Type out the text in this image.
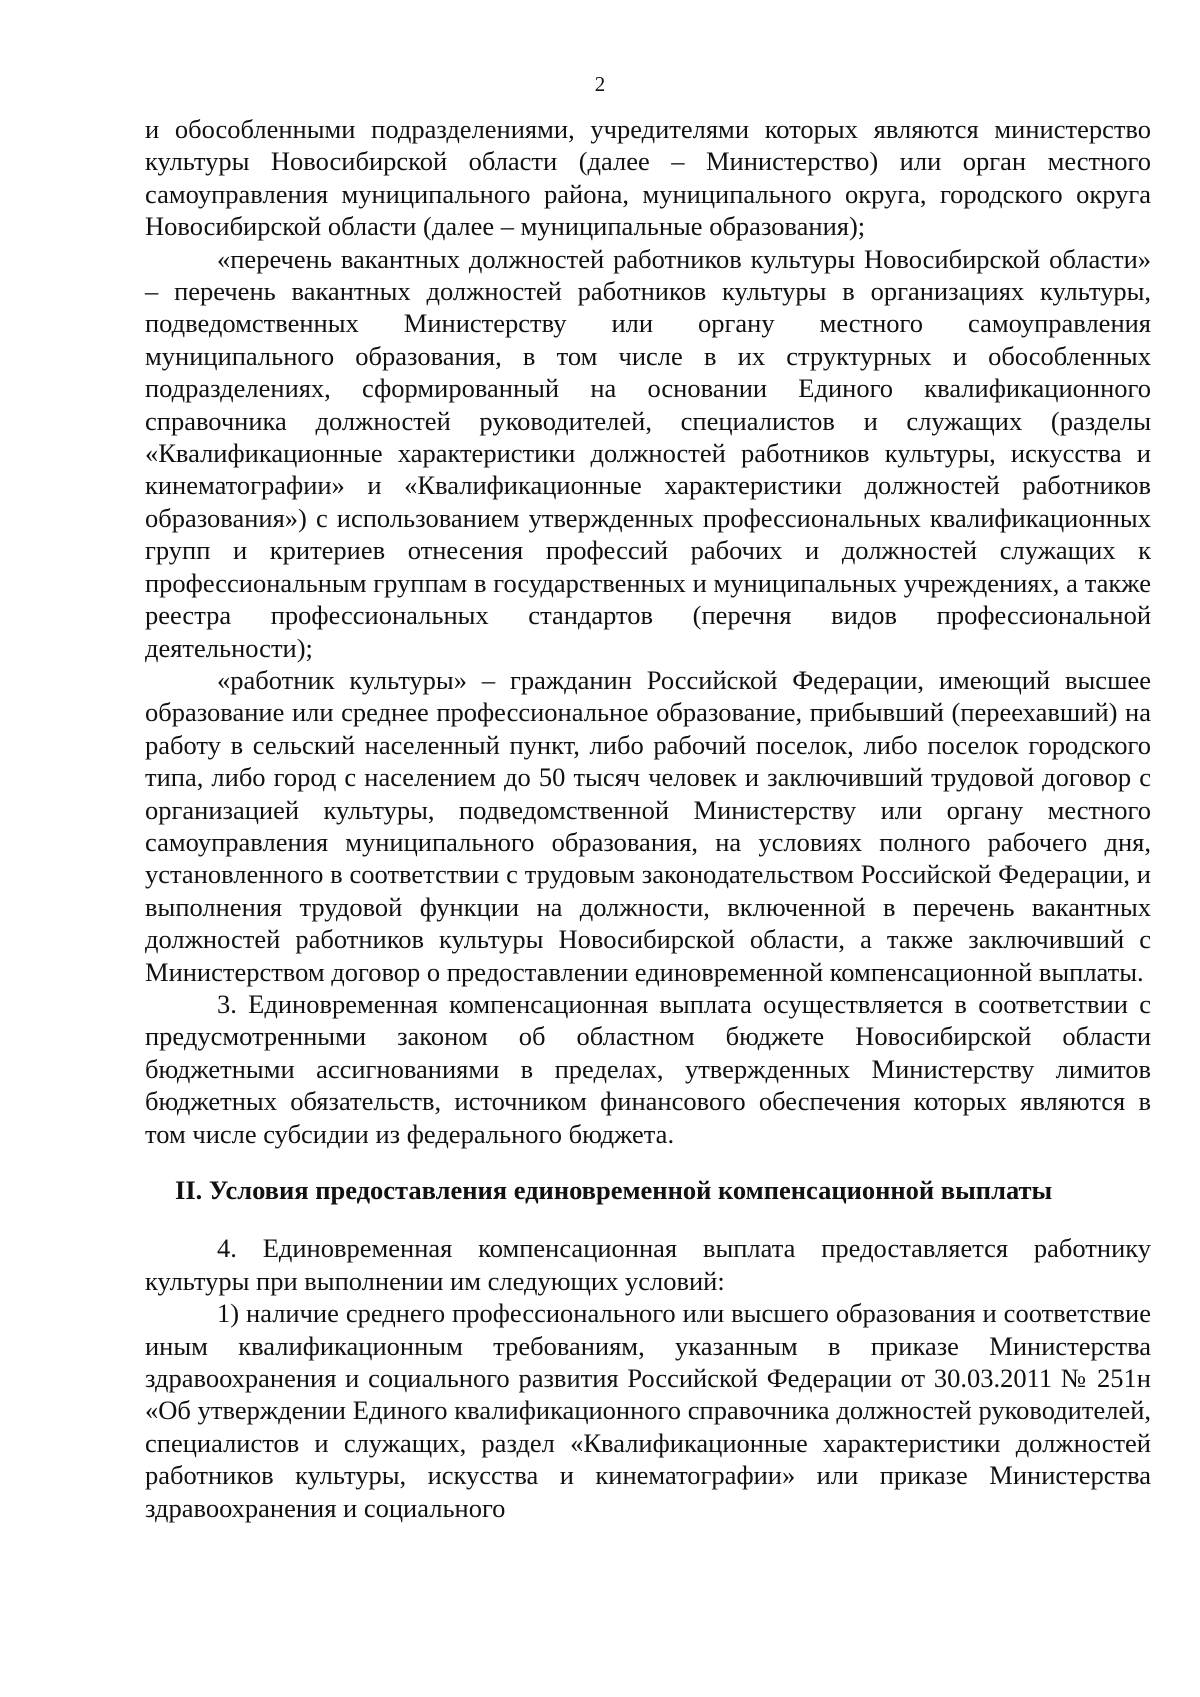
2

и обособленными подразделениями, учредителями которых являются министерство культуры Новосибирской области (далее – Министерство) или орган местного самоуправления муниципального района, муниципального округа, городского округа Новосибирской области (далее – муниципальные образования);

«перечень вакантных должностей работников культуры Новосибирской области» – перечень вакантных должностей работников культуры в организациях культуры, подведомственных Министерству или органу местного самоуправления муниципального образования, в том числе в их структурных и обособленных подразделениях, сформированный на основании Единого квалификационного справочника должностей руководителей, специалистов и служащих (разделы «Квалификационные характеристики должностей работников культуры, искусства и кинематографии» и «Квалификационные характеристики должностей работников образования») с использованием утвержденных профессиональных квалификационных групп и критериев отнесения профессий рабочих и должностей служащих к профессиональным группам в государственных и муниципальных учреждениях, а также реестра профессиональных стандартов (перечня видов профессиональной деятельности);

«работник культуры» – гражданин Российской Федерации, имеющий высшее образование или среднее профессиональное образование, прибывший (переехавший) на работу в сельский населенный пункт, либо рабочий поселок, либо поселок городского типа, либо город с населением до 50 тысяч человек и заключивший трудовой договор с организацией культуры, подведомственной Министерству или органу местного самоуправления муниципального образования, на условиях полного рабочего дня, установленного в соответствии с трудовым законодательством Российской Федерации, и выполнения трудовой функции на должности, включенной в перечень вакантных должностей работников культуры Новосибирской области, а также заключивший с Министерством договор о предоставлении единовременной компенсационной выплаты.

3. Единовременная компенсационная выплата осуществляется в соответствии с предусмотренными законом об областном бюджете Новосибирской области бюджетными ассигнованиями в пределах, утвержденных Министерству лимитов бюджетных обязательств, источником финансового обеспечения которых являются в том числе субсидии из федерального бюджета.

II. Условия предоставления единовременной компенсационной выплаты

4. Единовременная компенсационная выплата предоставляется работнику культуры при выполнении им следующих условий:

1) наличие среднего профессионального или высшего образования и соответствие иным квалификационным требованиям, указанным в приказе Министерства здравоохранения и социального развития Российской Федерации от 30.03.2011 № 251н «Об утверждении Единого квалификационного справочника должностей руководителей, специалистов и служащих, раздел «Квалификационные характеристики должностей работников культуры, искусства и кинематографии» или приказе Министерства здравоохранения и социального
